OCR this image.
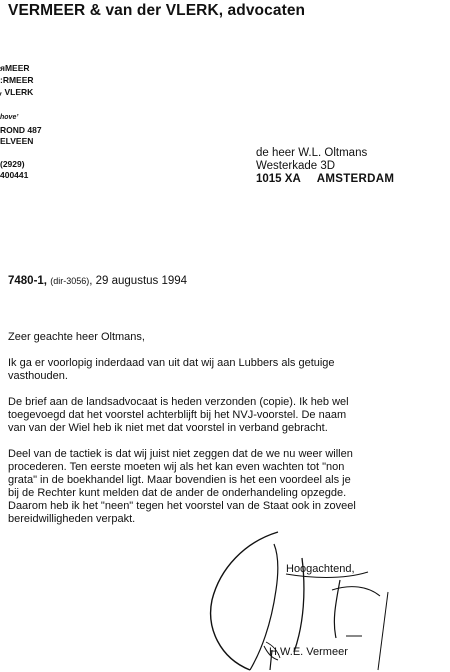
VERMEER & van der VLERK, advocaten
ᴙMEER
:RMEER
ᵣ VLERK
hove’
ROND 487
ELVEEN
(2929)
400441
de heer W.L. Oltmans
Westerkade 3D
1015 XA AMSTERDAM
7480-1, (dir-3056), 29 augustus 1994

Zeer geachte heer Oltmans,

Ik ga er voorlopig inderdaad van uit dat wij aan Lubbers als getuige
vasthouden.

De brief aan de landsadvocaat is heden verzonden (copie). Ik heb wel
toegevoegd dat het voorstel achterblijft bij het NVJ-voorstel. De naam
van van der Wiel heb ik niet met dat voorstel in verband gebracht.

Deel van de tactiek is dat wij juist niet zeggen dat de we nu weer willen
procederen. Ten eerste moeten wij als het kan even wachten tot "non
grata" in de boekhandel ligt. Maar bovendien is het een voordeel als je
bij de Rechter kunt melden dat de ander de onderhandeling opzegde.
Daarom heb ik het "neen" tegen het voorstel van de Staat ook in zoveel
bereidwilligheden verpakt.

Hoogachtend,
H.W.E. Vermeer
